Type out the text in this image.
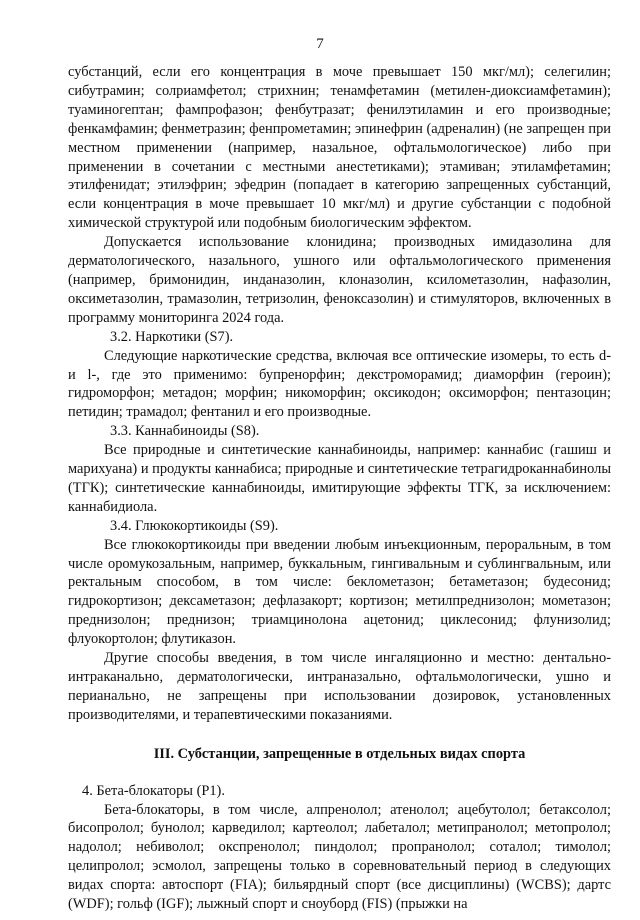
7

субстанций, если его концентрация в моче превышает 150 мкг/мл); селегилин; сибутрамин; солриамфетол; стрихнин; тенамфетамин (метилен-диоксиамфетамин); туаминогептан; фампрофазон; фенбутразат; фенилэтиламин и его производные; фенкамфамин; фенметразин; фенпрометамин; эпинефрин (адреналин) (не запрещен при местном применении (например, назальное, офтальмологическое) либо при применении в сочетании с местными анестетиками); этамиван; этиламфетамин; этилфенидат; этилэфрин; эфедрин (попадает в категорию запрещенных субстанций, если концентрация в моче превышает 10 мкг/мл) и другие субстанции с подобной химической структурой или подобным биологическим эффектом.

Допускается использование клонидина; производных имидазолина для дерматологического, назального, ушного или офтальмологического применения (например, бримонидин, инданазолин, клоназолин, ксилометазолин, нафазолин, оксиметазолин, трамазолин, тетризолин, феноксазолин) и стимуляторов, включенных в программу мониторинга 2024 года.

3.2. Наркотики (S7).

Следующие наркотические средства, включая все оптические изомеры, то есть d- и l-, где это применимо: бупренорфин; декстроморамид; диаморфин (героин); гидроморфон; метадон; морфин; никоморфин; оксикодон; оксиморфон; пентазоцин; петидин; трамадол; фентанил и его производные.

3.3. Каннабиноиды (S8).

Все природные и синтетические каннабиноиды, например: каннабис (гашиш и марихуана) и продукты каннабиса; природные и синтетические тетрагидроканнабинолы (ТГК); синтетические каннабиноиды, имитирующие эффекты ТГК, за исключением: каннабидиола.

3.4. Глюкокортикоиды (S9).

Все глюкокортикоиды при введении любым инъекционным, пероральным, в том числе оромукозальным, например, буккальным, гингивальным и сублингвальным, или ректальным способом, в том числе: беклометазон; бетаметазон; будесонид; гидрокортизон; дексаметазон; дефлазакорт; кортизон; метилпреднизолон; мометазон; преднизолон; преднизон; триамцинолона ацетонид; циклесонид; флунизолид; флуокортолон; флутиказон.

Другие способы введения, в том числе ингаляционно и местно: дентально-интраканально, дерматологически, интраназально, офтальмологически, ушно и перианально, не запрещены при использовании дозировок, установленных производителями, и терапевтическими показаниями.

III. Субстанции, запрещенные в отдельных видах спорта

4. Бета-блокаторы (P1).

Бета-блокаторы, в том числе, алпренолол; атенолол; ацебутолол; бетаксолол; бисопролол; бунолол; карведилол; картеолол; лабеталол; метипранолол; метопролол; надолол; небиволол; окспренолол; пиндолол; пропранолол; соталол; тимолол; целипролол; эсмолол, запрещены только в соревновательный период в следующих видах спорта: автоспорт (FIA); бильярдный спорт (все дисциплины) (WCBS); дартс (WDF); гольф (IGF); лыжный спорт и сноуборд (FIS) (прыжки на
